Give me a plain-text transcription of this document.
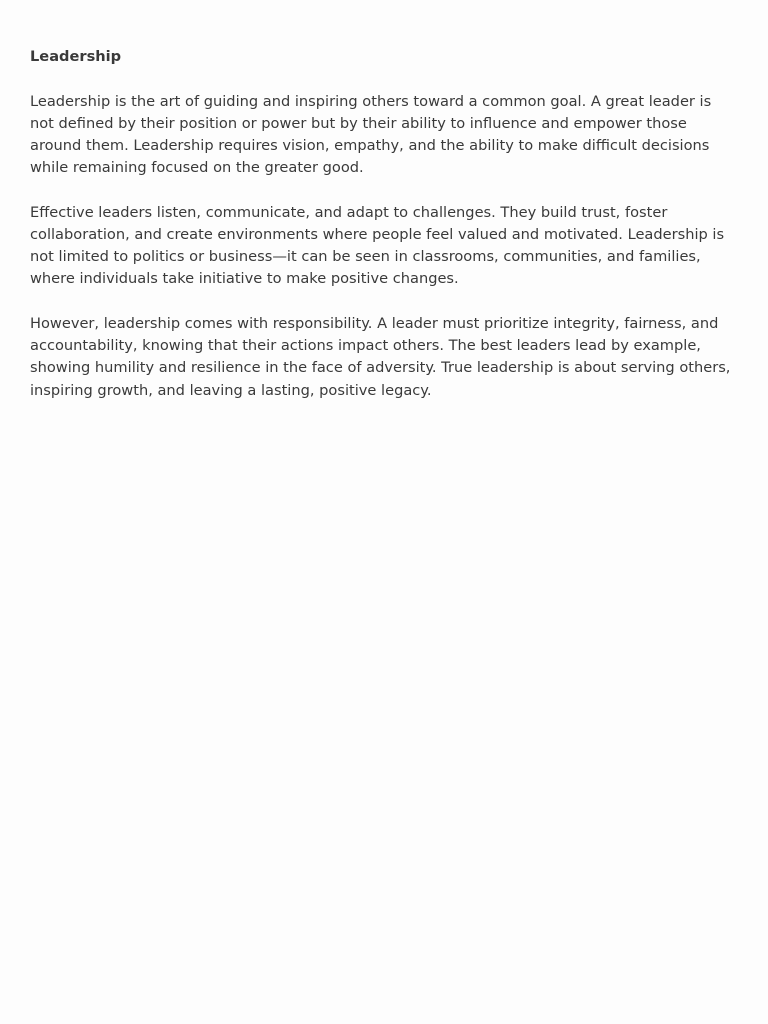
Leadership

Leadership is the art of guiding and inspiring others toward a common goal. A great leader is not defined by their position or power but by their ability to influence and empower those around them. Leadership requires vision, empathy, and the ability to make difficult decisions while remaining focused on the greater good.

Effective leaders listen, communicate, and adapt to challenges. They build trust, foster collaboration, and create environments where people feel valued and motivated. Leadership is not limited to politics or business—it can be seen in classrooms, communities, and families, where individuals take initiative to make positive changes.

However, leadership comes with responsibility. A leader must prioritize integrity, fairness, and accountability, knowing that their actions impact others. The best leaders lead by example, showing humility and resilience in the face of adversity. True leadership is about serving others, inspiring growth, and leaving a lasting, positive legacy.
